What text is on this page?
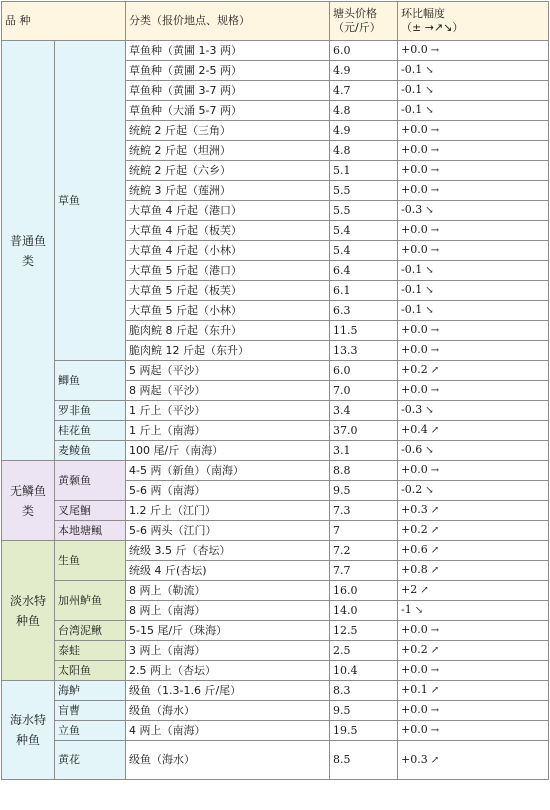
品 种		分类（报价地点、规格）	塘头价格
（元/斤）	环比幅度
（± →↗↘）
普通鱼类	草鱼	草鱼种（黄圃 1-3 两）	6.0	+0.0 →
		草鱼种（黄圃 2-5 两）	4.9	-0.1 ↘
		草鱼种（黄圃 3-7 两）	4.7	-0.1 ↘
		草鱼种（大涌 5-7 两）	4.8	-0.1 ↘
		统鲩 2 斤起（三角）	4.9	+0.0 →
		统鲩 2 斤起（坦洲）	4.8	+0.0 →
		统鲩 2 斤起（六乡）	5.1	+0.0 →
		统鲩 3 斤起（莲洲）	5.5	+0.0 →
		大草鱼 4 斤起（港口）	5.5	-0.3 ↘
		大草鱼 4 斤起（板芙）	5.4	+0.0 →
		大草鱼 4 斤起（小林）	5.4	+0.0 →
		大草鱼 5 斤起（港口）	6.4	-0.1 ↘
		大草鱼 5 斤起（板芙）	6.1	-0.1 ↘
		大草鱼 5 斤起（小林）	6.3	-0.1 ↘
		脆肉鲩 8 斤起（东升）	11.5	+0.0 →
		脆肉鲩 12 斤起（东升）	13.3	+0.0 →
	鲫鱼	5 两起（平沙）	6.0	+0.2 ↗
		8 两起（平沙）	7.0	+0.0 →
	罗非鱼	1 斤上（平沙）	3.4	-0.3 ↘
	桂花鱼	1 斤上（南海）	37.0	+0.4 ↗
	麦鲮鱼	100 尾/斤（南海）	3.1	-0.6 ↘
无鳞鱼类	黄颡鱼	4-5 两（新鱼）（南海）	8.8	+0.0 →
		5-6 两（南海）	9.5	-0.2 ↘
	叉尾鮰	1.2 斤上（江门）	7.3	+0.3 ↗
	本地塘鲺	5-6 两头（江门）	7	+0.2 ↗
淡水特种鱼	生鱼	统级 3.5 斤（杏坛）	7.2	+0.6 ↗
		统级 4 斤(杏坛)	7.7	+0.8 ↗
	加州鲈鱼	8 两上（勒流）	16.0	+2 ↗
		8 两上（南海）	14.0	-1 ↘
	台湾泥鳅	5-15 尾/斤（珠海）	12.5	+0.0 →
	泰蛙	3 两上（南海）	2.5	+0.2 ↗
	太阳鱼	2.5 两上（杏坛）	10.4	+0.0 →
海水特种鱼	海鲈	级鱼（1.3-1.6 斤/尾）	8.3	+0.1 ↗
	盲曹	级鱼（海水）	9.5	+0.0 →
	立鱼	4 两上（南海）	19.5	+0.0 →
	黄花	级鱼（海水）	8.5	+0.3 ↗
